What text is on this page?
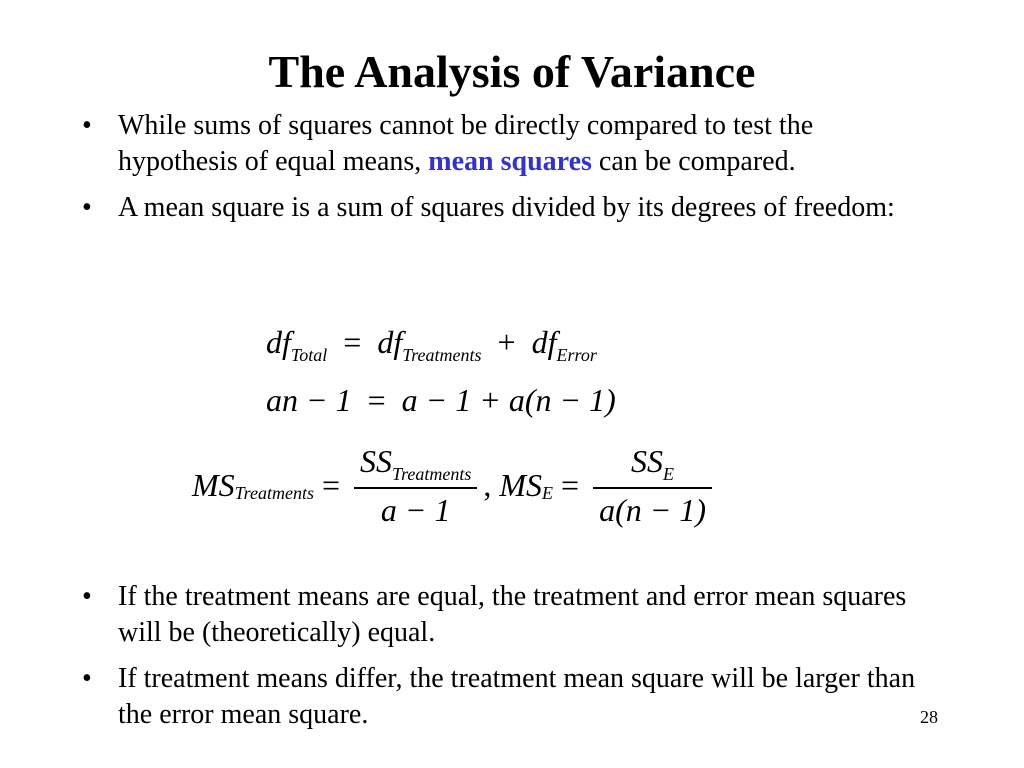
The Analysis of Variance
• While sums of squares cannot be directly compared to test the hypothesis of equal means, mean squares can be compared.
• A mean square is a sum of squares divided by its degrees of freedom:
$df_{Total} = df_{Treatments} + df_{Error}$
an − 1 = a − 1 + a(n − 1)
MS Treatments = $\frac{SS_{Treatments}}{a - 1}$ , MS $E = \frac{SS_E}{a(n - 1)}$
• If the treatment means are equal, the treatment and error mean squares will be (theoretically) equal.
• If treatment means differ, the treatment mean square will be larger than the error mean square.	28
